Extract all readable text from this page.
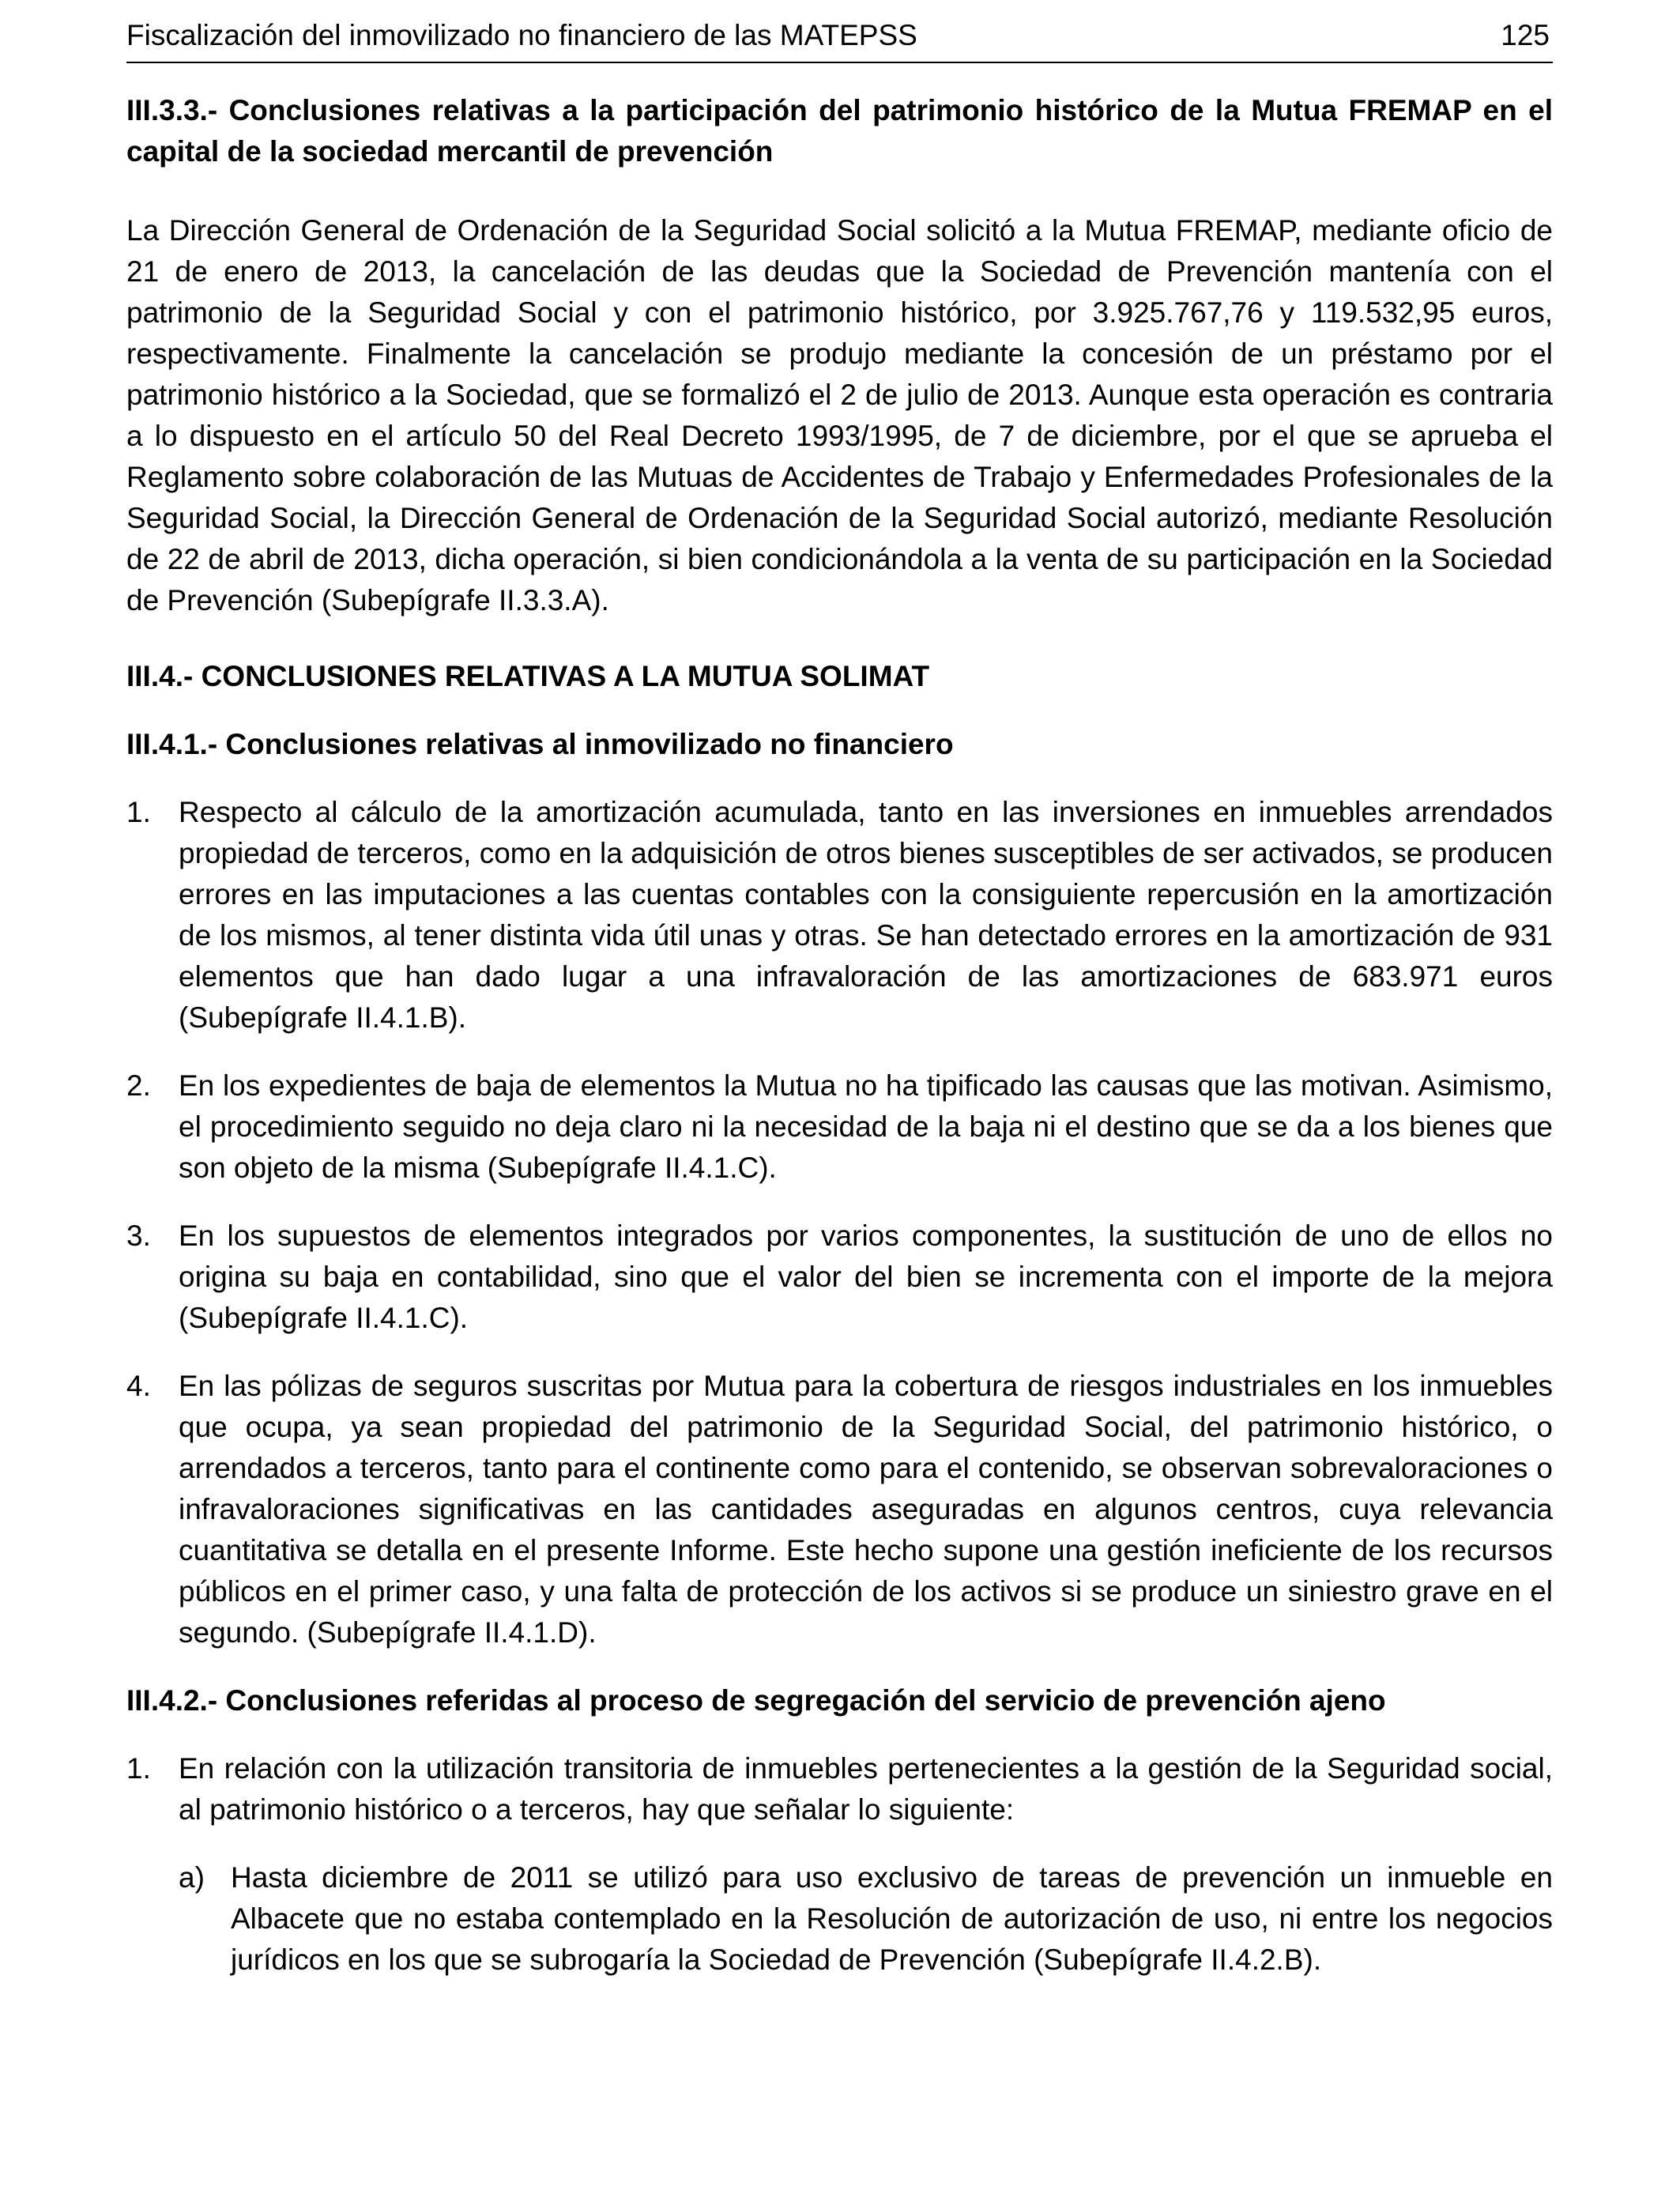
Fiscalización del inmovilizado no financiero de las MATEPSS	125
III.3.3.- Conclusiones relativas a la participación del patrimonio histórico de la Mutua FREMAP en el capital de la sociedad mercantil de prevención

La Dirección General de Ordenación de la Seguridad Social solicitó a la Mutua FREMAP, mediante oficio de 21 de enero de 2013, la cancelación de las deudas que la Sociedad de Prevención mantenía con el patrimonio de la Seguridad Social y con el patrimonio histórico, por 3.925.767,76 y 119.532,95 euros, respectivamente. Finalmente la cancelación se produjo mediante la concesión de un préstamo por el patrimonio histórico a la Sociedad, que se formalizó el 2 de julio de 2013. Aunque esta operación es contraria a lo dispuesto en el artículo 50 del Real Decreto 1993/1995, de 7 de diciembre, por el que se aprueba el Reglamento sobre colaboración de las Mutuas de Accidentes de Trabajo y Enfermedades Profesionales de la Seguridad Social, la Dirección General de Ordenación de la Seguridad Social autorizó, mediante Resolución de 22 de abril de 2013, dicha operación, si bien condicionándola a la venta de su participación en la Sociedad de Prevención (Subepígrafe II.3.3.A).

III.4.- CONCLUSIONES RELATIVAS A LA MUTUA SOLIMAT
III.4.1.- Conclusiones relativas al inmovilizado no financiero
1. Respecto al cálculo de la amortización acumulada, tanto en las inversiones en inmuebles arrendados propiedad de terceros, como en la adquisición de otros bienes susceptibles de ser activados, se producen errores en las imputaciones a las cuentas contables con la consiguiente repercusión en la amortización de los mismos, al tener distinta vida útil unas y otras. Se han detectado errores en la amortización de 931 elementos que han dado lugar a una infravaloración de las amortizaciones de 683.971 euros (Subepígrafe II.4.1.B).
2. En los expedientes de baja de elementos la Mutua no ha tipificado las causas que las motivan. Asimismo, el procedimiento seguido no deja claro ni la necesidad de la baja ni el destino que se da a los bienes que son objeto de la misma (Subepígrafe II.4.1.C).
3. En los supuestos de elementos integrados por varios componentes, la sustitución de uno de ellos no origina su baja en contabilidad, sino que el valor del bien se incrementa con el importe de la mejora (Subepígrafe II.4.1.C).
4. En las pólizas de seguros suscritas por Mutua para la cobertura de riesgos industriales en los inmuebles que ocupa, ya sean propiedad del patrimonio de la Seguridad Social, del patrimonio histórico, o arrendados a terceros, tanto para el continente como para el contenido, se observan sobrevaloraciones o infravaloraciones significativas en las cantidades aseguradas en algunos centros, cuya relevancia cuantitativa se detalla en el presente Informe. Este hecho supone una gestión ineficiente de los recursos públicos en el primer caso, y una falta de protección de los activos si se produce un siniestro grave en el segundo. (Subepígrafe II.4.1.D).
III.4.2.- Conclusiones referidas al proceso de segregación del servicio de prevención ajeno
1. En relación con la utilización transitoria de inmuebles pertenecientes a la gestión de la Seguridad social, al patrimonio histórico o a terceros, hay que señalar lo siguiente:
a) Hasta diciembre de 2011 se utilizó para uso exclusivo de tareas de prevención un inmueble en Albacete que no estaba contemplado en la Resolución de autorización de uso, ni entre los negocios jurídicos en los que se subrogaría la Sociedad de Prevención (Subepígrafe II.4.2.B).
